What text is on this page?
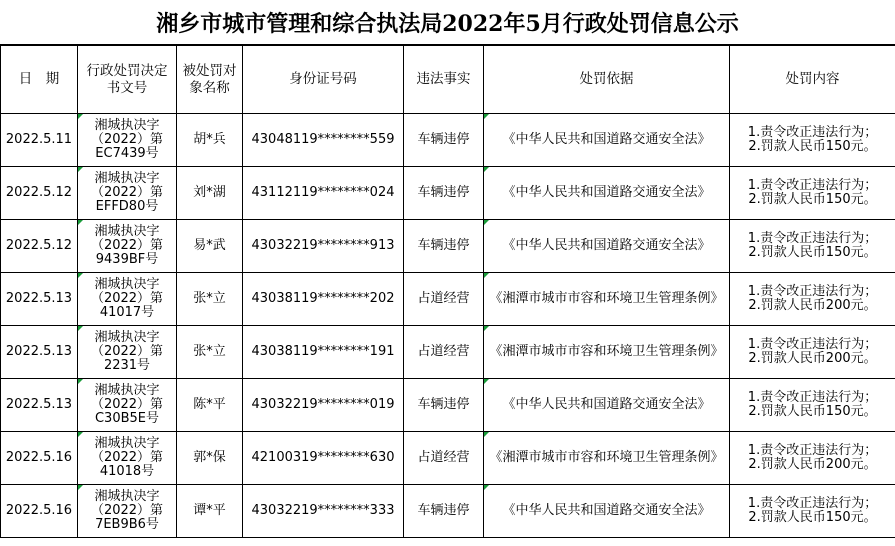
湘乡市城市管理和综合执法局2022年5月行政处罚信息公示
日　期	行政处罚决定书文号	被处罚对象名称	身份证号码	违法事实	处罚依据	处罚内容
2022.5.11	湘城执决字
（2022）第
EC7439号	胡*兵	43048119********559	车辆违停	《中华人民共和国道路交通安全法》	1.责令改正违法行为；
2.罚款人民币150元。

2022.5.12	湘城执决字
（2022）第
EFFD80号	刘*湖	43112119********024	车辆违停	《中华人民共和国道路交通安全法》	1.责令改正违法行为；
2.罚款人民币150元。

2022.5.12	湘城执决字
（2022）第
9439BF号	易*武	43032219********913	车辆违停	《中华人民共和国道路交通安全法》	1.责令改正违法行为；
2.罚款人民币150元。

2022.5.13	湘城执决字
（2022）第
41017号	张*立	43038119********202	占道经营	《湘潭市城市市容和环境卫生管理条例》	1.责令改正违法行为；
2.罚款人民币200元。

2022.5.13	湘城执决字
（2022）第
2231号	张*立	43038119********191	占道经营	《湘潭市城市市容和环境卫生管理条例》	1.责令改正违法行为；
2.罚款人民币200元。

2022.5.13	湘城执决字
（2022）第
C30B5E号	陈*平	43032219********019	车辆违停	《中华人民共和国道路交通安全法》	1.责令改正违法行为；
2.罚款人民币150元。

2022.5.16	湘城执决字
（2022）第
41018号	郭*保	42100319********630	占道经营	《湘潭市城市市容和环境卫生管理条例》	1.责令改正违法行为；
2.罚款人民币200元。

2022.5.16	湘城执决字
（2022）第
7EB9B6号	谭*平	43032219********333	车辆违停	《中华人民共和国道路交通安全法》	1.责令改正违法行为；
2.罚款人民币150元。
